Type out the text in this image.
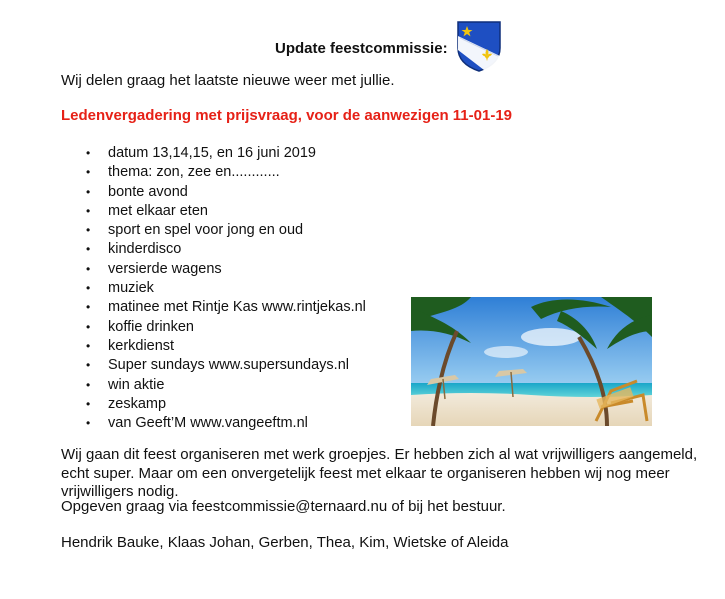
Update feestcommissie:

Wij delen graag het laatste nieuwe weer met jullie.

Ledenvergadering met prijsvraag, voor de aanwezigen 11-01-19

• datum 13,14,15, en 16 juni 2019
• thema: zon, zee en............
• bonte avond
• met elkaar eten
• sport en spel voor jong en oud
• kinderdisco
• versierde wagens
• muziek
• matinee met Rintje Kas www.rintjekas.nl
• koffie drinken
• kerkdienst
• Super sundays www.supersundays.nl
• win aktie
• zeskamp
• van Geeft’M www.vangeeftm.nl

Wij gaan dit feest organiseren met werk groepjes. Er hebben zich al wat vrijwilligers aangemeld, echt super. Maar om een onvergetelijk feest met elkaar te organiseren hebben wij nog meer vrijwilligers nodig.

Opgeven graag via feestcommissie@ternaard.nu of bij het bestuur.

Hendrik Bauke, Klaas Johan, Gerben, Thea, Kim, Wietske of Aleida
